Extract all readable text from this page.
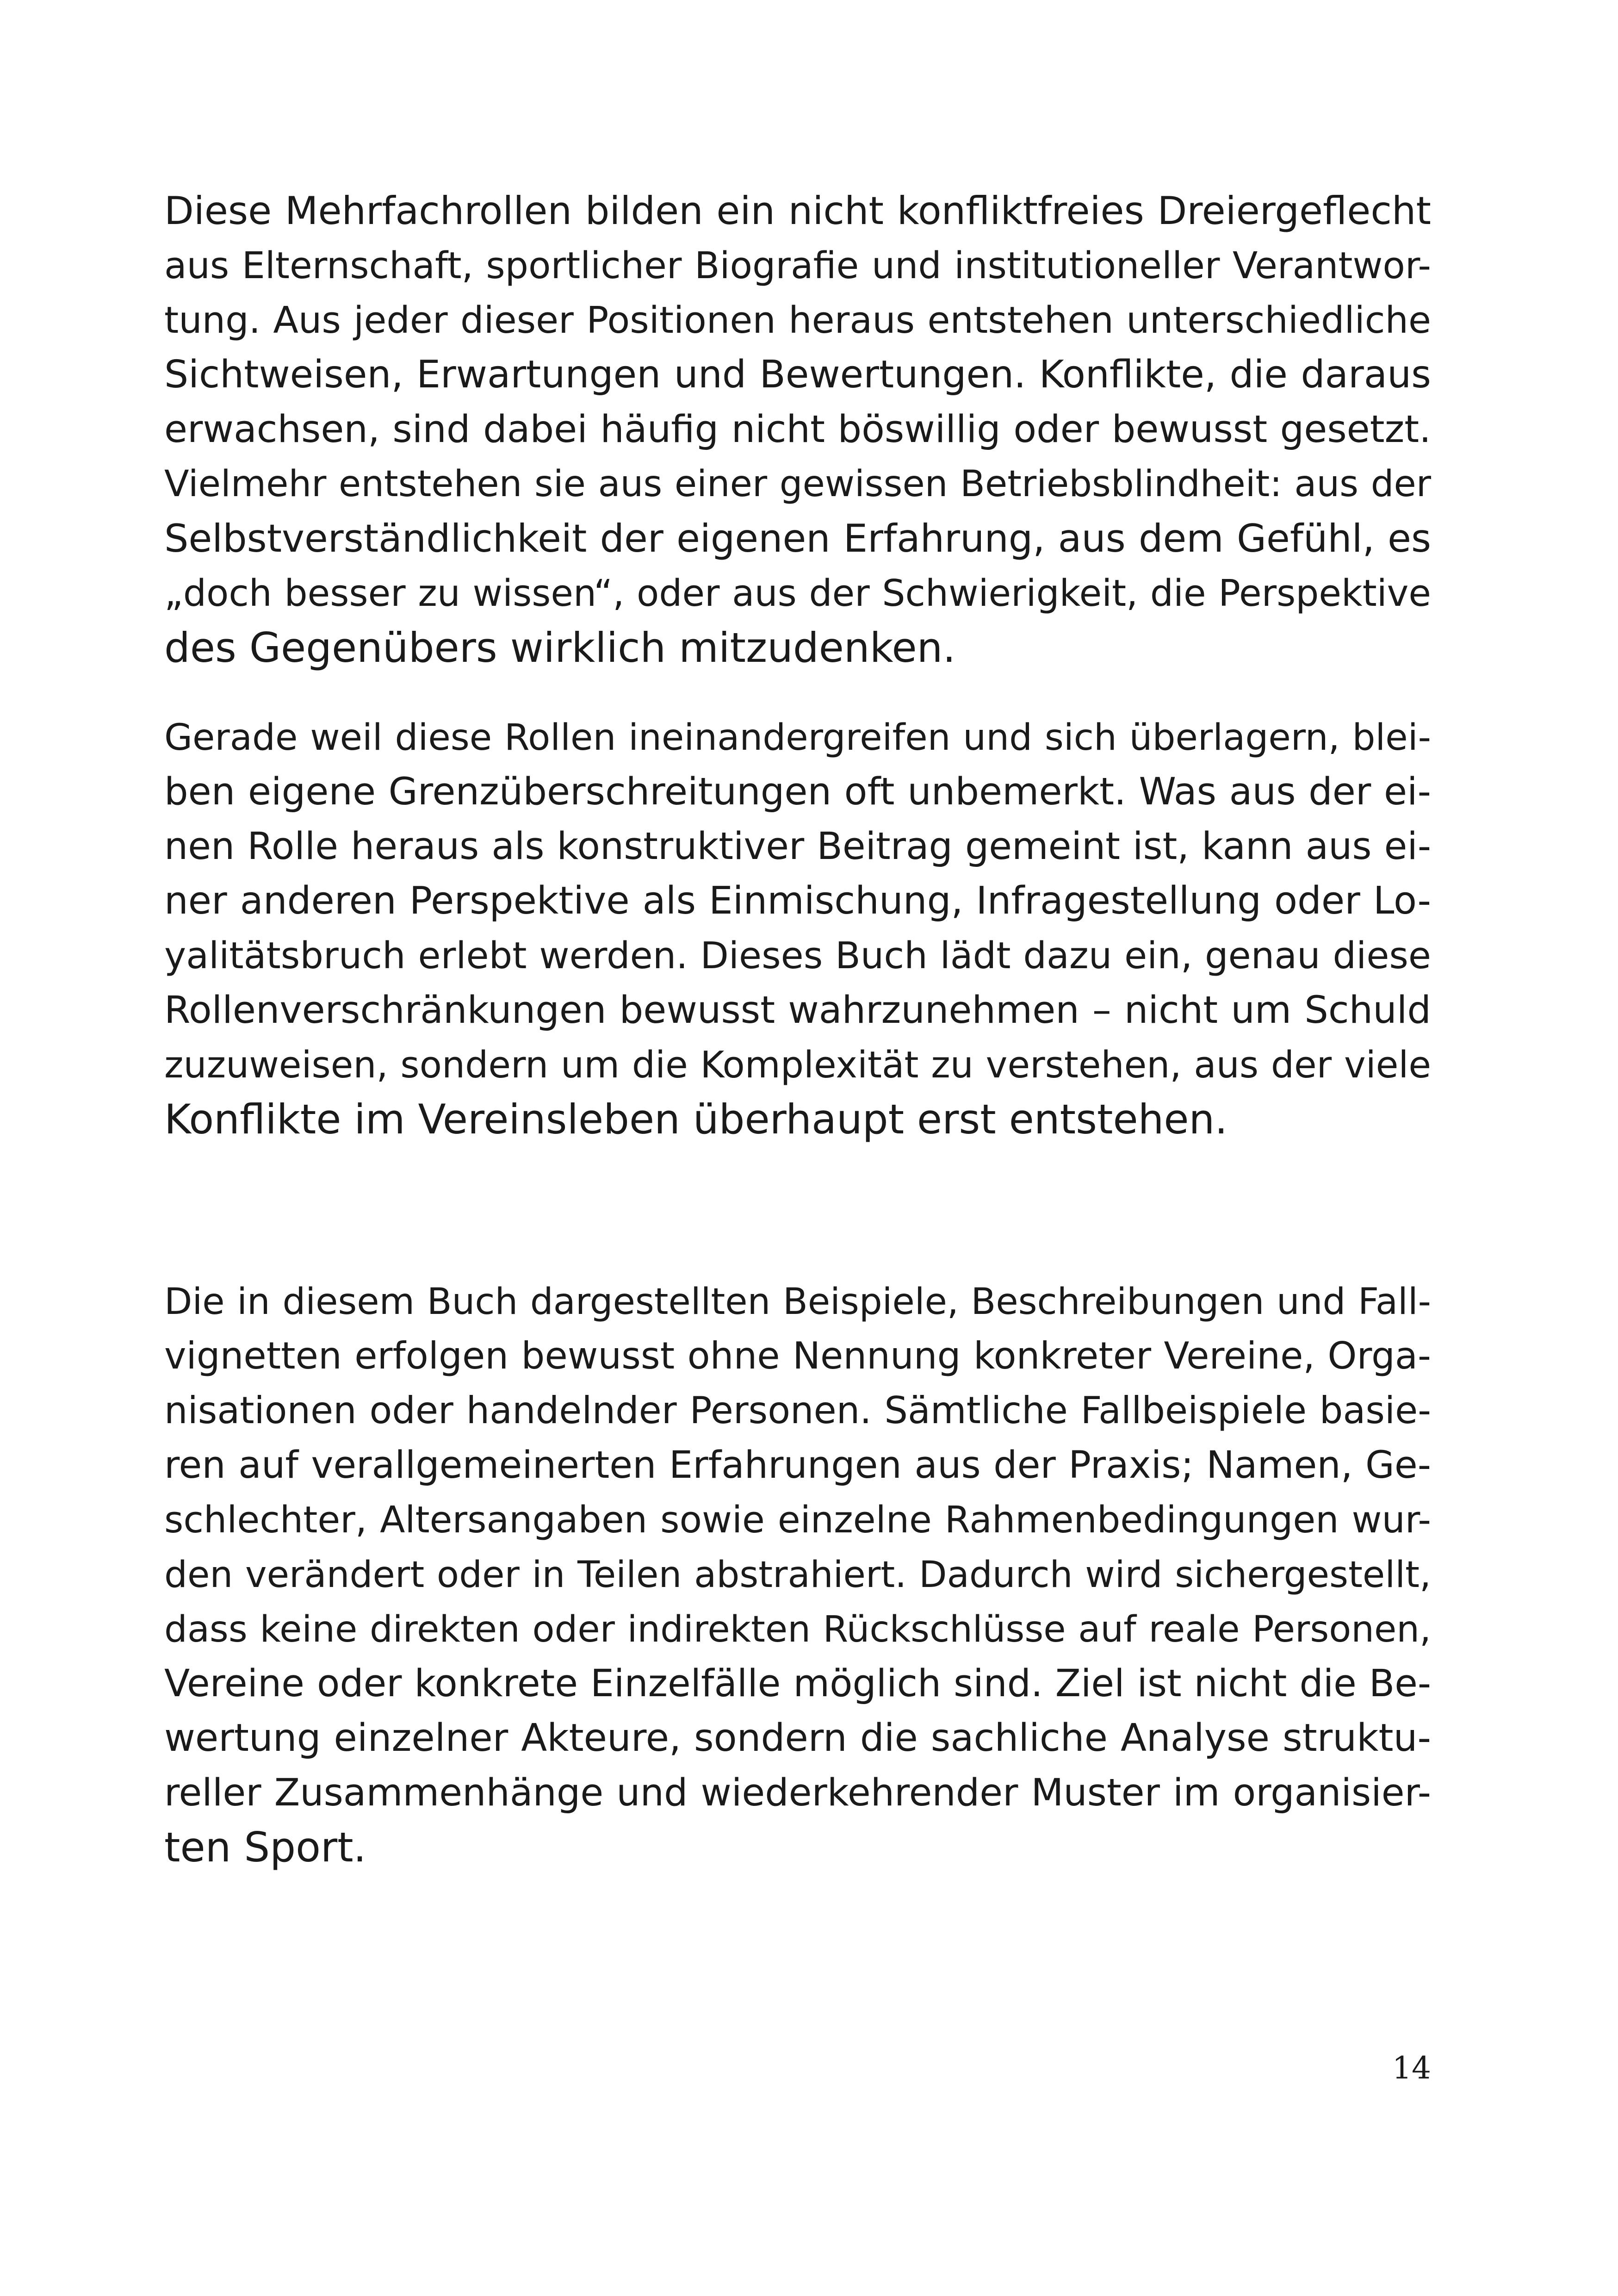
Diese Mehrfachrollen bilden ein nicht konfliktfreies Dreiergeflecht
aus Elternschaft, sportlicher Biografie und institutioneller Verantwor-
tung. Aus jeder dieser Positionen heraus entstehen unterschiedliche
Sichtweisen, Erwartungen und Bewertungen. Konflikte, die daraus
erwachsen, sind dabei häufig nicht böswillig oder bewusst gesetzt.
Vielmehr entstehen sie aus einer gewissen Betriebsblindheit: aus der
Selbstverständlichkeit der eigenen Erfahrung, aus dem Gefühl, es
„doch besser zu wissen“, oder aus der Schwierigkeit, die Perspektive
des Gegenübers wirklich mitzudenken.
Gerade weil diese Rollen ineinandergreifen und sich überlagern, blei-
ben eigene Grenzüberschreitungen oft unbemerkt. Was aus der ei-
nen Rolle heraus als konstruktiver Beitrag gemeint ist, kann aus ei-
ner anderen Perspektive als Einmischung, Infragestellung oder Lo-
yalitätsbruch erlebt werden. Dieses Buch lädt dazu ein, genau diese
Rollenverschränkungen bewusst wahrzunehmen – nicht um Schuld
zuzuweisen, sondern um die Komplexität zu verstehen, aus der viele
Konflikte im Vereinsleben überhaupt erst entstehen.
Die in diesem Buch dargestellten Beispiele, Beschreibungen und Fall-
vignetten erfolgen bewusst ohne Nennung konkreter Vereine, Orga-
nisationen oder handelnder Personen. Sämtliche Fallbeispiele basie-
ren auf verallgemeinerten Erfahrungen aus der Praxis; Namen, Ge-
schlechter, Altersangaben sowie einzelne Rahmenbedingungen wur-
den verändert oder in Teilen abstrahiert. Dadurch wird sichergestellt,
dass keine direkten oder indirekten Rückschlüsse auf reale Personen,
Vereine oder konkrete Einzelfälle möglich sind. Ziel ist nicht die Be-
wertung einzelner Akteure, sondern die sachliche Analyse struktu-
reller Zusammenhänge und wiederkehrender Muster im organisier-
ten Sport.
14
